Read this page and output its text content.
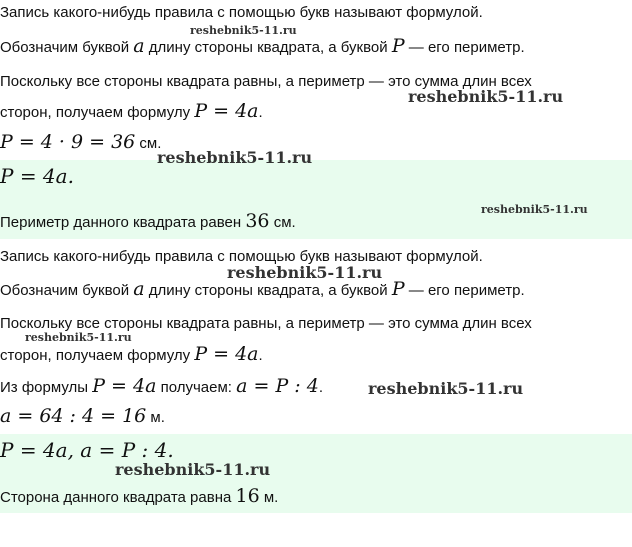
Запись какого-нибудь правила с помощью букв называют формулой.
Обозначим буквой a длину стороны квадрата, а буквой P — его периметр.
Поскольку все стороны квадрата равны, а периметр — это сумма длин всех
сторон, получаем формулу P = 4a.
P = 4 · 9 = 36 см.
P = 4a.
Периметр данного квадрата равен 36 см.
Запись какого-нибудь правила с помощью букв называют формулой.
Обозначим буквой a длину стороны квадрата, а буквой P — его периметр.
Поскольку все стороны квадрата равны, а периметр — это сумма длин всех
сторон, получаем формулу P = 4a.
Из формулы P = 4a получаем: a = P : 4.
a = 64 : 4 = 16 м.
P = 4a, a = P : 4.
Сторона данного квадрата равна 16 м.
reshebnik5-11.ru
reshebnik5-11.ru
reshebnik5-11.ru
reshebnik5-11.ru
reshebnik5-11.ru
reshebnik5-11.ru
reshebnik5-11.ru
reshebnik5-11.ru
